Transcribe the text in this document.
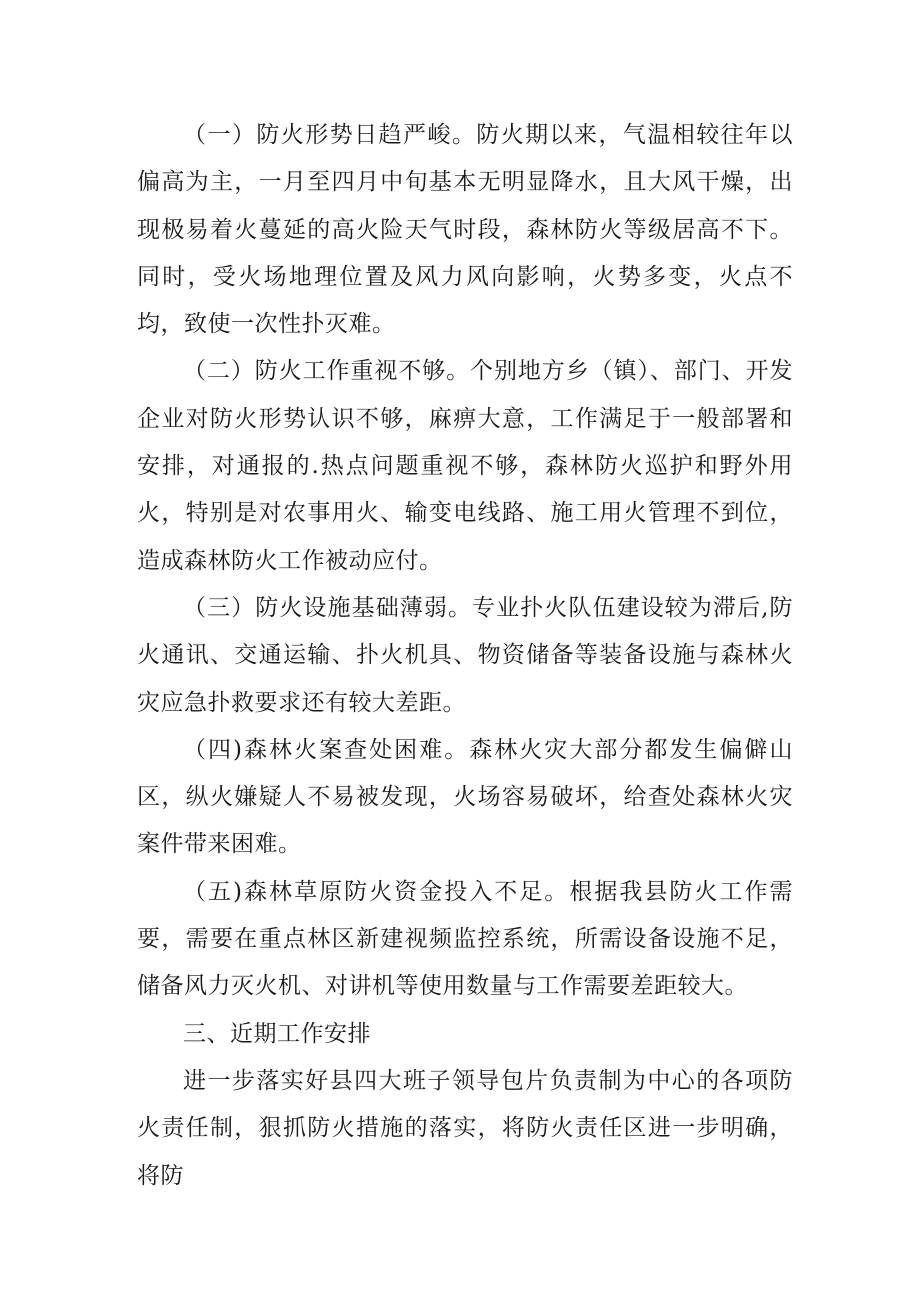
（一）防火形势日趋严峻。防火期以来，气温相较往年以偏高为主，一月至四月中旬基本无明显降水，且大风干燥，出现极易着火蔓延的高火险天气时段，森林防火等级居高不下。同时，受火场地理位置及风力风向影响，火势多变，火点不均，致使一次性扑灭难。

（二）防火工作重视不够。个别地方乡（镇）、部门、开发企业对防火形势认识不够，麻痹大意，工作满足于一般部署和安排，对通报的.热点问题重视不够，森林防火巡护和野外用火，特别是对农事用火、输变电线路、施工用火管理不到位，造成森林防火工作被动应付。

（三）防火设施基础薄弱。专业扑火队伍建设较为滞后,防火通讯、交通运输、扑火机具、物资储备等装备设施与森林火灾应急扑救要求还有较大差距。

（四)森林火案查处困难。森林火灾大部分都发生偏僻山区，纵火嫌疑人不易被发现，火场容易破坏，给查处森林火灾案件带来困难。

（五)森林草原防火资金投入不足。根据我县防火工作需要，需要在重点林区新建视频监控系统，所需设备设施不足，储备风力灭火机、对讲机等使用数量与工作需要差距较大。

三、近期工作安排

进一步落实好县四大班子领导包片负责制为中心的各项防火责任制，狠抓防火措施的落实，将防火责任区进一步明确，将防
